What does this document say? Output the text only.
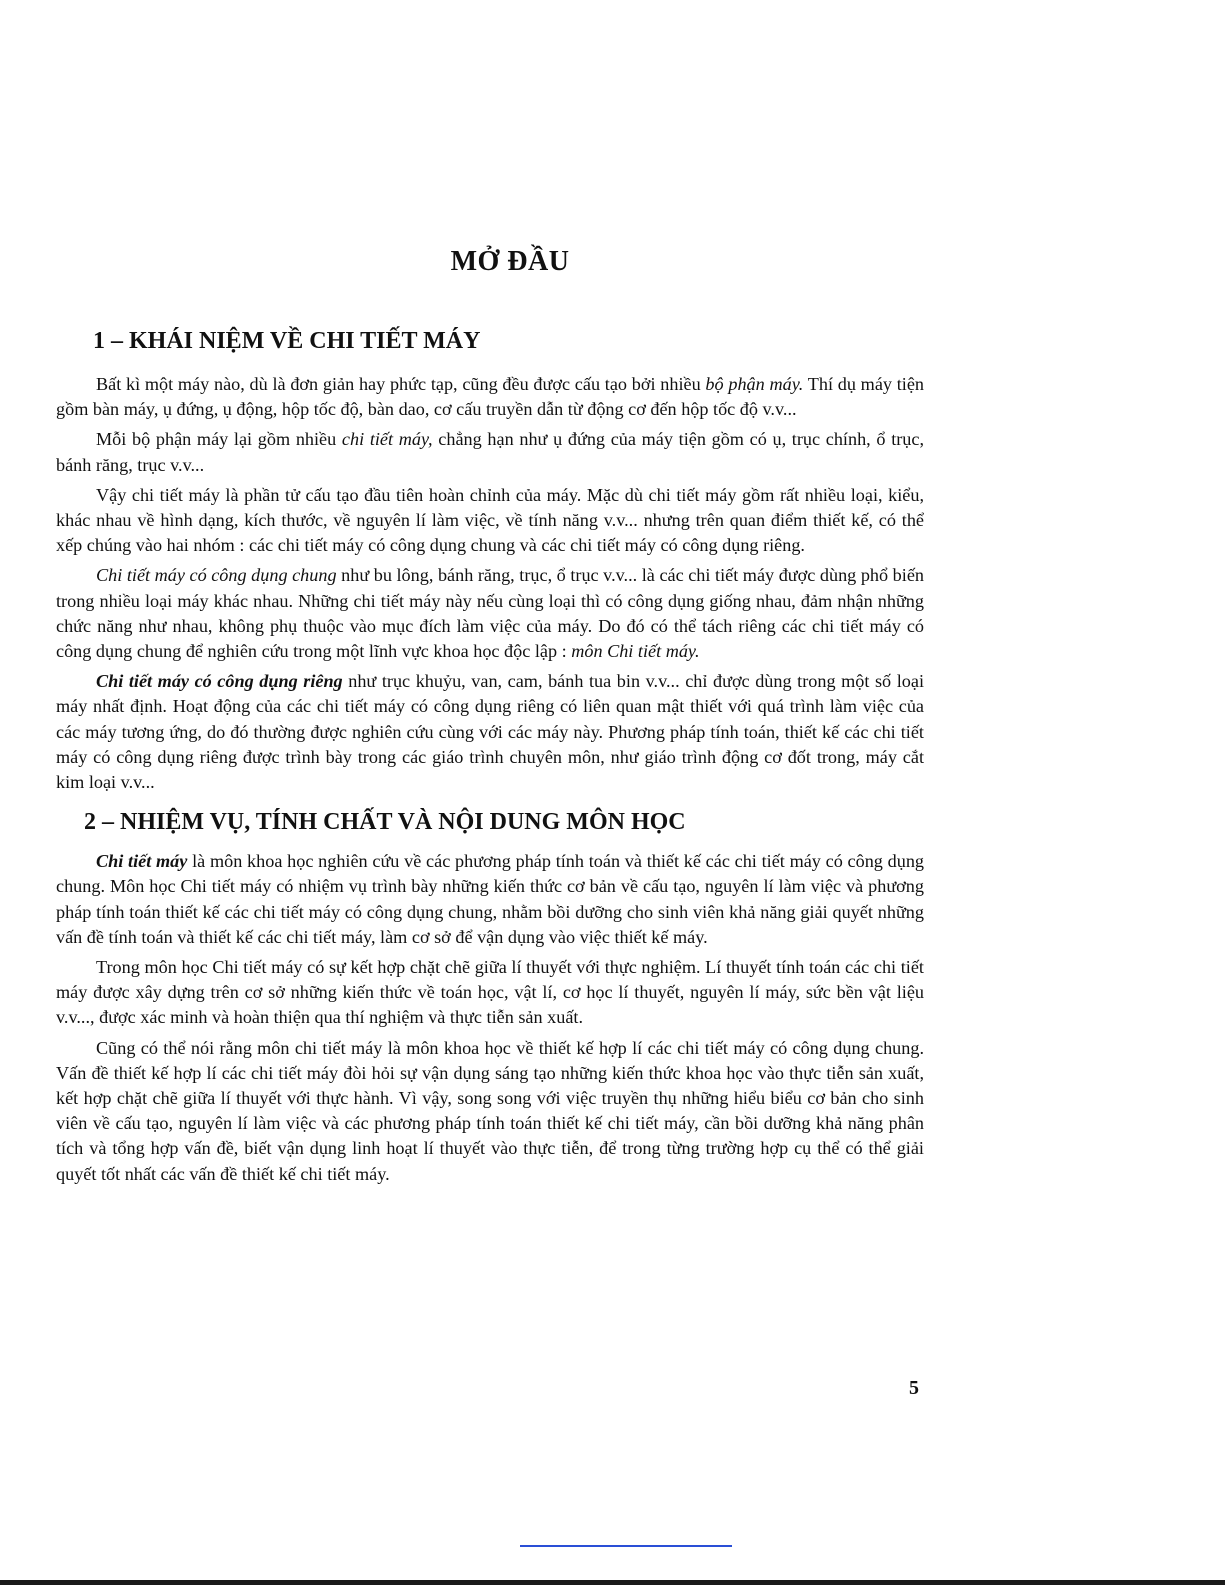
MỞ ĐẦU
1 – KHÁI NIỆM VỀ CHI TIẾT MÁY

Bất kì một máy nào, dù là đơn giản hay phức tạp, cũng đều được cấu tạo bởi nhiều bộ phận máy. Thí dụ máy tiện gồm bàn máy, ụ đứng, ụ động, hộp tốc độ, bàn dao, cơ cấu truyền dẫn từ động cơ đến hộp tốc độ v.v...

Mỗi bộ phận máy lại gồm nhiều chi tiết máy, chẳng hạn như ụ đứng của máy tiện gồm có ụ, trục chính, ổ trục, bánh răng, trục v.v...

Vậy chi tiết máy là phần tử cấu tạo đầu tiên hoàn chỉnh của máy. Mặc dù chi tiết máy gồm rất nhiều loại, kiểu, khác nhau về hình dạng, kích thước, về nguyên lí làm việc, về tính năng v.v... nhưng trên quan điểm thiết kế, có thể xếp chúng vào hai nhóm : các chi tiết máy có công dụng chung và các chi tiết máy có công dụng riêng.

Chi tiết máy có công dụng chung như bu lông, bánh răng, trục, ổ trục v.v... là các chi tiết máy được dùng phổ biến trong nhiều loại máy khác nhau. Những chi tiết máy này nếu cùng loại thì có công dụng giống nhau, đảm nhận những chức năng như nhau, không phụ thuộc vào mục đích làm việc của máy. Do đó có thể tách riêng các chi tiết máy có công dụng chung để nghiên cứu trong một lĩnh vực khoa học độc lập : môn Chi tiết máy.

Chi tiết máy có công dụng riêng như trục khuỷu, van, cam, bánh tua bin v.v... chỉ được dùng trong một số loại máy nhất định. Hoạt động của các chi tiết máy có công dụng riêng có liên quan mật thiết với quá trình làm việc của các máy tương ứng, do đó thường được nghiên cứu cùng với các máy này. Phương pháp tính toán, thiết kế các chi tiết máy có công dụng riêng được trình bày trong các giáo trình chuyên môn, như giáo trình động cơ đốt trong, máy cắt kim loại v.v...

2 – NHIỆM VỤ, TÍNH CHẤT VÀ NỘI DUNG MÔN HỌC

Chi tiết máy là môn khoa học nghiên cứu về các phương pháp tính toán và thiết kế các chi tiết máy có công dụng chung. Môn học Chi tiết máy có nhiệm vụ trình bày những kiến thức cơ bản về cấu tạo, nguyên lí làm việc và phương pháp tính toán thiết kế các chi tiết máy có công dụng chung, nhằm bồi dưỡng cho sinh viên khả năng giải quyết những vấn đề tính toán và thiết kế các chi tiết máy, làm cơ sở để vận dụng vào việc thiết kế máy.

Trong môn học Chi tiết máy có sự kết hợp chặt chẽ giữa lí thuyết với thực nghiệm. Lí thuyết tính toán các chi tiết máy được xây dựng trên cơ sở những kiến thức về toán học, vật lí, cơ học lí thuyết, nguyên lí máy, sức bền vật liệu v.v..., được xác minh và hoàn thiện qua thí nghiệm và thực tiễn sản xuất.

Cũng có thể nói rằng môn chi tiết máy là môn khoa học về thiết kế hợp lí các chi tiết máy có công dụng chung. Vấn đề thiết kế hợp lí các chi tiết máy đòi hỏi sự vận dụng sáng tạo những kiến thức khoa học vào thực tiễn sản xuất, kết hợp chặt chẽ giữa lí thuyết với thực hành. Vì vậy, song song với việc truyền thụ những hiểu biểu cơ bản cho sinh viên về cấu tạo, nguyên lí làm việc và các phương pháp tính toán thiết kế chi tiết máy, cần bồi dưỡng khả năng phân tích và tổng hợp vấn đề, biết vận dụng linh hoạt lí thuyết vào thực tiễn, để trong từng trường hợp cụ thể có thể giải quyết tốt nhất các vấn đề thiết kế chi tiết máy.

5
